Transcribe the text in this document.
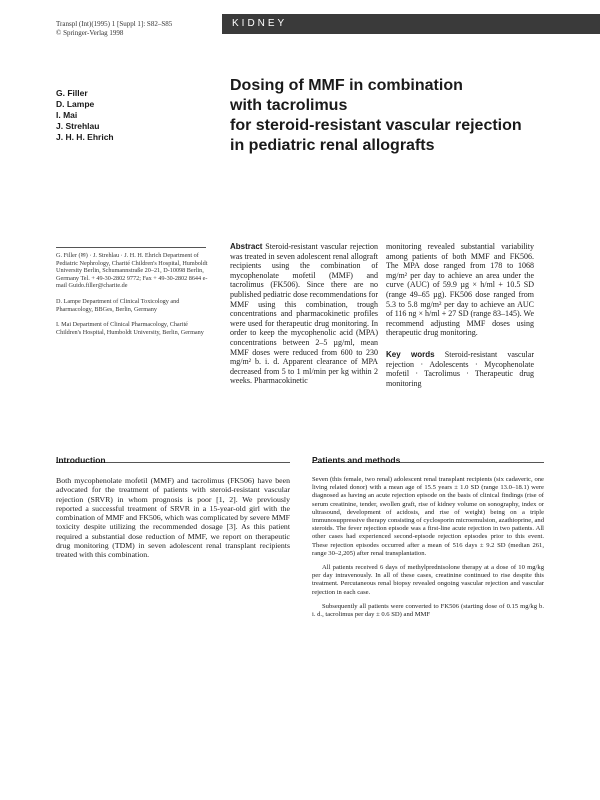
Transpl (Int)(1995) 1 [Suppl 1]: S82–S85
© Springer-Verlag 1998
KIDNEY
G. Filler
D. Lampe
I. Mai
J. Strehlau
J. H. H. Ehrich
Dosing of MMF in combination
with tacrolimus
for steroid-resistant vascular rejection
in pediatric renal allografts
G. Filler (✉) · J. Strehlau · J. H. H. Ehrich Department of Pediatric Nephrology, Charité Children's Hospital, Humboldt University Berlin, Schumannstraße 20–21, D-10098 Berlin, Germany Tel. + 49-30-2802 9772; Fax + 49-30-2802 8644 e-mail Guido.filler@charite.de
D. Lampe Department of Clinical Toxicology and Pharmacology, BBGes, Berlin, Germany
I. Mai Department of Clinical Pharmacology, Charité Children's Hospital, Humboldt University, Berlin, Germany
Abstract Steroid-resistant vascular rejection was treated in seven adolescent renal allograft recipients using the combination of mycophenolate mofetil (MMF) and tacrolimus (FK506). Since there are no published pediatric dose recommendations for MMF using this combination, trough concentrations and pharmacokinetic profiles were used for therapeutic drug monitoring. In order to keep the mycophenolic acid (MPA) concentrations between 2–5 µg/ml, mean MMF doses were reduced from 600 to 230 mg/m² b. i. d. Apparent clearance of MPA decreased from 5 to 1 ml/min per kg within 2 weeks. Pharmacokinetic
monitoring revealed substantial variability among patients of both MMF and FK506. The MPA dose ranged from 178 to 1068 mg/m² per day to achieve an area under the curve (AUC) of 59.9 µg × h/ml + 10.5 SD (range 49–65 µg). FK506 dose ranged from 5.3 to 5.8 mg/m² per day to achieve an AUC of 116 ng × h/ml + 27 SD (range 83–145). We recommend adjusting MMF doses using therapeutic drug monitoring.
Key words Steroid-resistant vascular rejection · Adolescents · Mycophenolate mofetil · Tacrolimus · Therapeutic drug monitoring
Introduction	Patients and methods

Both mycophenolate mofetil (MMF) and tacrolimus (FK506) have been advocated for the treatment of patients with steroid-resistant vascular rejection (SRVR) in whom prognosis is poor [1, 2]. We previously reported a successful treatment of SRVR in a 15-year-old girl with the combination of MMF and FK506, which was complicated by severe MMF toxicity despite utilizing the recommended dosage [3]. As this patient required a substantial dose reduction of MMF, we report on therapeutic drug monitoring (TDM) in seven adolescent renal transplant recipients treated with this combination.

Seven (this female, two renal) adolescent renal transplant recipients (six cadaveric, one living related donor) with a mean age of 15.5 years ± 1.0 SD (range 13.0–18.1) were diagnosed as having an acute rejection episode on the basis of clinical findings (rise of serum creatinine, tender, swollen graft, rise of kidney volume on sonography, index or ultrasound, development of acidosis, and rise of weight) being on a triple immunosuppressive therapy consisting of cyclosporin microemulsion, azathioprine, and steroids. The fever rejection episode was a first-line acute rejection in two patients. All other cases had experienced second-episode rejection episodes prior to this event. These rejection episodes occurred after a mean of 516 days ± 9.2 SD (median 261, range 30–2,205) after renal transplantation.

All patients received 6 days of methylprednisolone therapy at a dose of 10 mg/kg per day intravenously. In all of these cases, creatinine continued to rise despite this treatment. Percutaneous renal biopsy revealed ongoing vascular rejection and vascular rejection in each case.

Subsequently all patients were converted to FK506 (starting dose of 0.15 mg/kg b. i. d., tacrolimus per day ± 0.6 SD) and MMF
